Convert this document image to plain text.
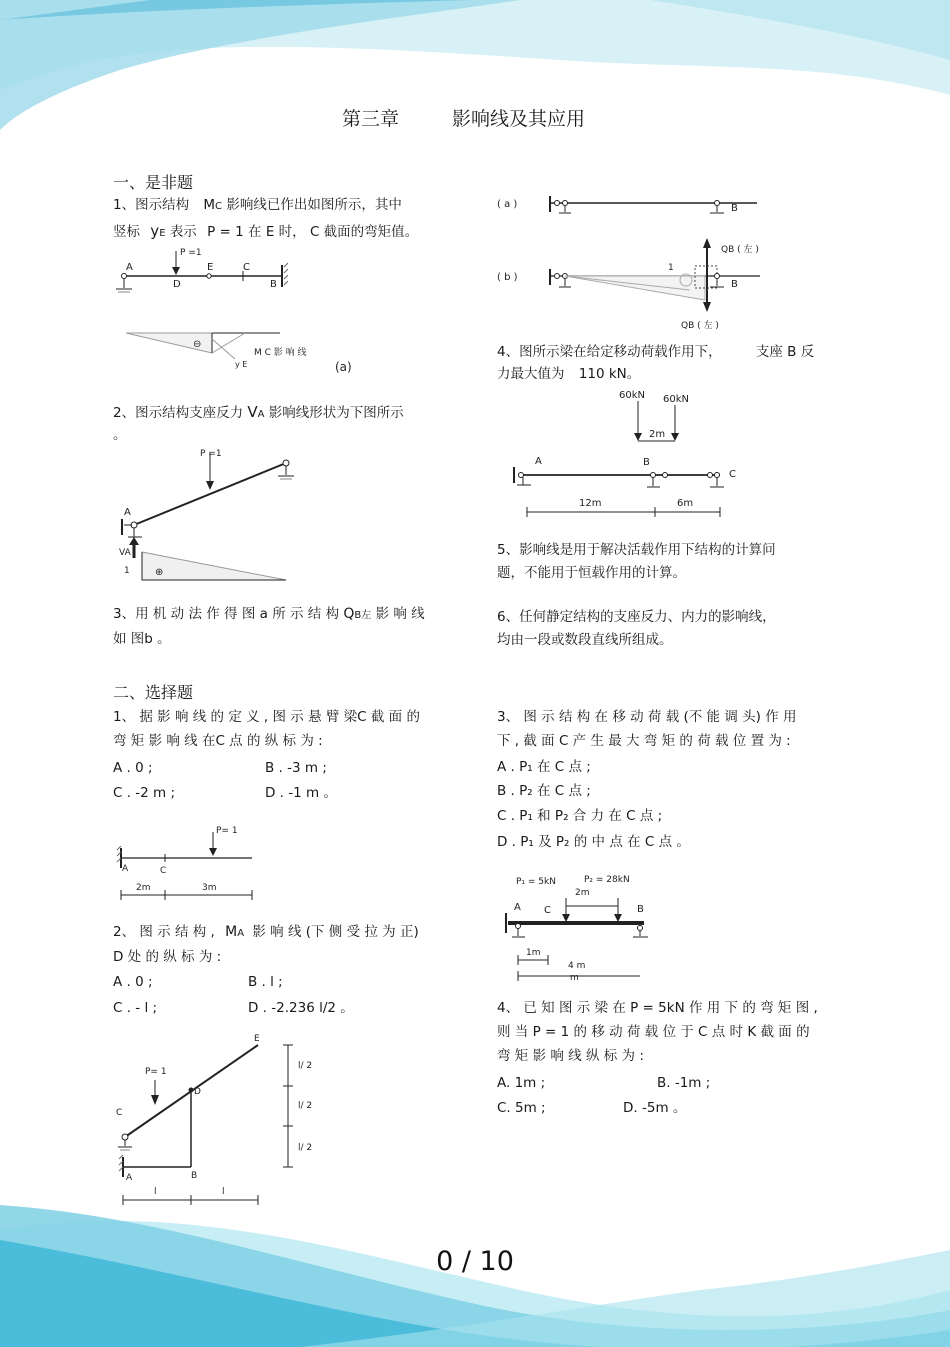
第三章	影响线及其应用
一、是非题
1、图示结构 MC 影响线已作出如图所示，其中
竖标 yE 表示 P = 1 在 E 时， C 截面的弯矩值。
P =1
A
D
E	C
B
⊖
M C 影 响 线
y E	(a)
2、图示结构支座反力 VA 影响线形状为下图所示
。
P =1
A
VA
1	⊕
3、用 机 动 法 作 得 图 a 所 示 结 构 QB左 影 响 线
如 图b 。
( a )	B
( b )
1
B
QB ( 左 )
QB ( 左 )
4、图所示梁在给定移动荷载作用下，	支座 B 反
力最大值为 110 kN。
60kN 60kN
2m
A	B
C
12m	6m
5、影响线是用于解决活载作用下结构的计算问
题，不能用于恒载作用的计算。
6、任何静定结构的支座反力、内力的影响线，
均由一段或数段直线所组成。
二、选择题
1、 据 影 响 线 的 定 义 , 图 示 悬 臂 梁C 截 面 的
弯 矩 影 响 线 在C 点 的 纵 标 为 :
A . 0 ;	B . -3 m ;
C . -2 m ;	D . -1 m 。
P= 1
A	C
2m	3m
2、 图 示 结 构 , MA 影 响 线 (下 侧 受 拉 为 正)
D 处 的 纵 标 为 :
A . 0 ;	B . l ;
C . - l ;	D . -2.236 l/2 。
P= 1
C
D
E
A	B
l/ 2
l/ 2
l/ 2
l	l
3、 图 示 结 构 在 移 动 荷 载 (不 能 调 头) 作 用
下 , 截 面 C 产 生 最 大 弯 矩 的 荷 载 位 置 为 :
A . P₁ 在 C 点 ;
B . P₂ 在 C 点 ;
C . P₁ 和 P₂ 合 力 在 C 点 ;
D . P₁ 及 P₂ 的 中 点 在 C 点 。
P₁ = 5kN	P₂ = 28kN
2m
A C	B
1m
4 m
m
4、 已 知 图 示 梁 在 P = 5kN 作 用 下 的 弯 矩 图 ,
则 当 P = 1 的 移 动 荷 载 位 于 C 点 时 K 截 面 的
弯 矩 影 响 线 纵 标 为 :
A. 1m ;	B. -1m ;
C. 5m ;	D. -5m 。
0 / 10
